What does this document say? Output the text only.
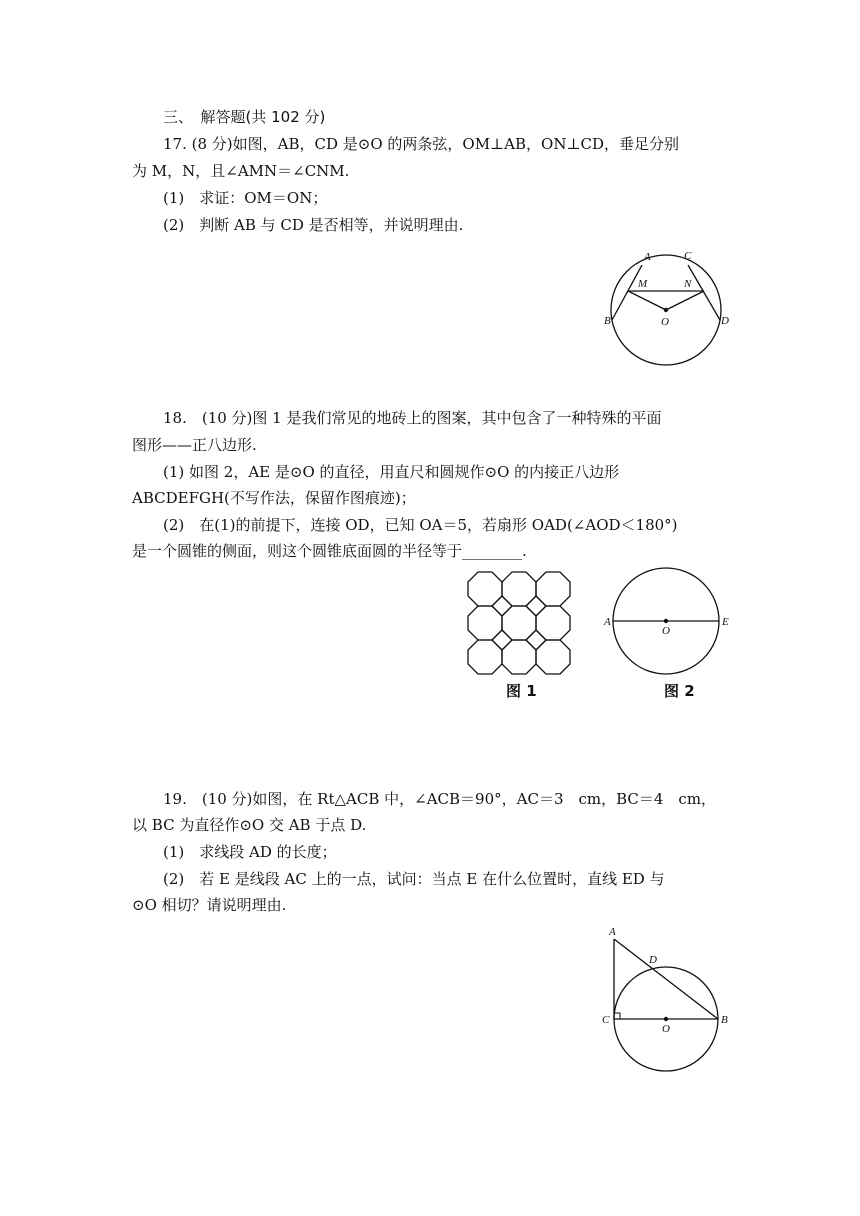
三、　解答题(共 102 分)
17. (8 分)如图，AB，CD 是⊙O 的两条弦，OM⊥AB，ON⊥CD，垂足分别
为 M，N，且∠AMN＝∠CNM.
(1)　求证：OM＝ON；
(2)　判断 AB 与 CD 是否相等，并说明理由.
A	C
M	N
B	O	D
18.　(10 分)图 1 是我们常见的地砖上的图案，其中包含了一种特殊的平面
图形——正八边形.
(1) 如图 2，AE 是⊙O 的直径，用直尺和圆规作⊙O 的内接正八边形
ABCDEFGH(不写作法，保留作图痕迹)；
(2)　在(1)的前提下，连接 OD，已知 OA＝5，若扇形 OAD(∠AOD＜180°)
是一个圆锥的侧面，则这个圆锥底面圆的半径等于________.
图 1
A
O
E
图 2
19.　(10 分)如图，在 Rt△ACB 中，∠ACB＝90°，AC＝3　cm，BC＝4　cm，
以 BC 为直径作⊙O 交 AB 于点 D.
(1)　求线段 AD 的长度；
(2)　若 E 是线段 AC 上的一点，试问：当点 E 在什么位置时，直线 ED 与
⊙O 相切？请说明理由.
A
D
C
O
B
